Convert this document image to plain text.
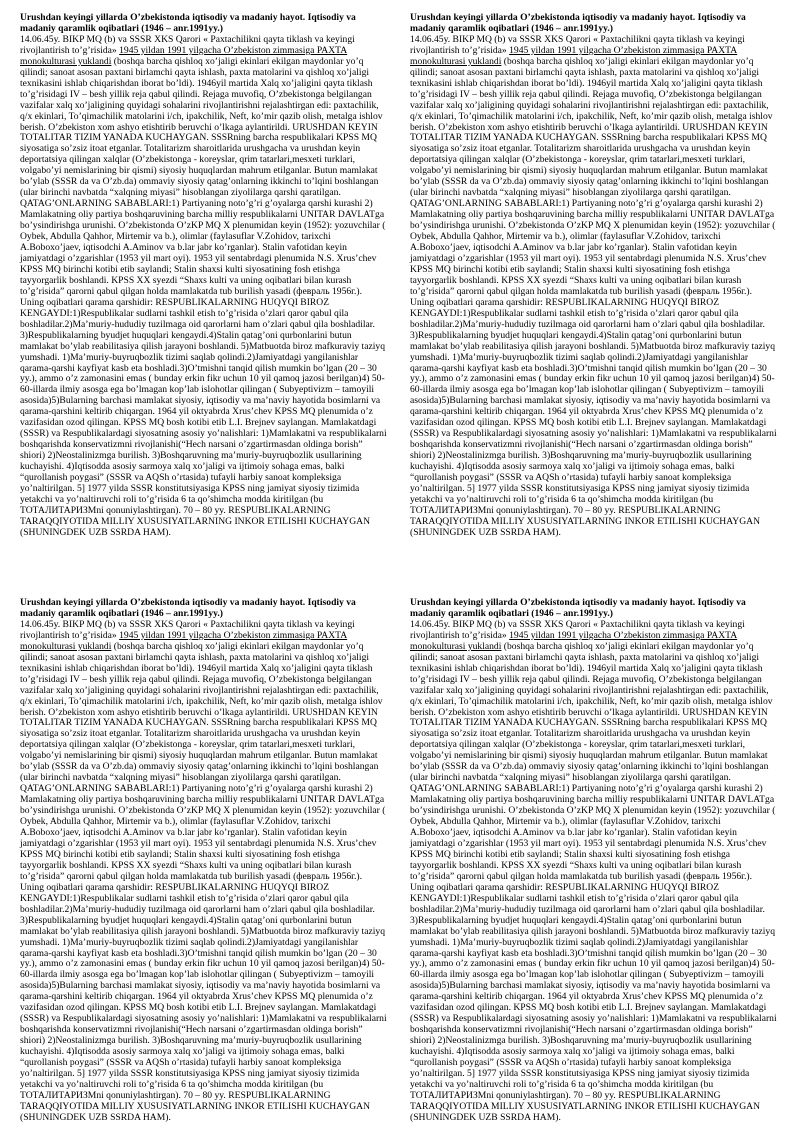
Urushdan keyingi yillarda O’zbekistonda iqtisodiy va madaniy hayot. Iqtisodiy va madaniy qaramlik oqibatlari (1946 – anr.1991yy.)
14.06.45y. BIKP MQ (b) va SSSR XKS Qarori « Paxtachilikni qayta tiklash va keyingi rivojlantirish to’g’risida» 1945 yildan 1991 yilgacha O’zbekiston zimmasiga PAXTA monokulturasi yuklandi (boshqa barcha qishloq xo’jaligi ekinlari ekilgan maydonlar yo’q qilindi; sanoat asosan paxtani birlamchi qayta ishlash, paxta matolarini va qishloq xo’jaligi texnikasini ishlab chiqarishdan iborat bo’ldi). 1946yil martida Xalq xo’jaligini qayta tiklash to’g’risidagi IV – besh yillik reja qabul qilindi. Rejaga muvofiq, O’zbekistonga belgilangan vazifalar xalq xo’jaligining quyidagi sohalarini rivojlantirishni rejalashtirgan edi: paxtachilik, q/x ekinlari, To’qimachilik matolarini i/ch, ipakchilik, Neft, ko’mir qazib olish, metalga ishlov berish. O’zbekiston xom ashyo etishtirib beruvchi o’lkaga aylantirildi. URUSHDAN KEYIN TOTALITAR TIZIM YANADA KUCHAYGAN. SSSRning barcha respublikalari KPSS MQ siyosatiga so’zsiz itoat etganlar. Totalitarizm sharoitlarida urushgacha va urushdan keyin deportatsiya qilingan xalqlar (O’zbekistonga - koreyslar, qrim tatarlari,mesxeti turklari, volgabo’yi nemislarining bir qismi) siyosiy huquqlardan mahrum etilganlar. Butun mamlakat bo’ylab (SSSR da va O’zb.da) ommaviy siyosiy qatag’onlarning ikkinchi to’lqini boshlangan (ular birinchi navbatda “xalqning miyasi” hisoblangan ziyolilarga qarshi qaratilgan. QATAG’ONLARNING SABABLARI:1) Partiyaning noto’g’ri g’oyalarga qarshi kurashi 2) Mamlakatning oliy partiya boshqaruvining barcha milliy respublikalarni UNITAR DAVLATga bo’ysindirishga urunishi. O’zbekistonda O’zKP MQ X plenumidan keyin (1952): yozuvchilar ( Oybek, Abdulla Qahhor, Mirtemir va b.), olimlar (faylasuflar V.Zohidov, tarixchi A.Boboxo’jaev, iqtisodchi A.Aminov va b.lar jabr ko’rganlar). Stalin vafotidan keyin jamiyatdagi o’zgarishlar (1953 yil mart oyi). 1953 yil sentabrdagi plenumida N.S. Xrus’chev KPSS MQ birinchi kotibi etib saylandi; Stalin shaxsi kulti siyosatining fosh etishga tayyorgarlik boshlandi. KPSS XX syezdi “Shaxs kulti va uning oqibatlari bilan kurash to’g’risida” qarorni qabul qilgan holda mamlakatda tub burilish yasadi (февраль 1956г.). Uning oqibatlari qarama qarshidir: RESPUBLIKALARNING HUQYQI BIROZ KENGAYDI:1)Respublikalar sudlarni tashkil etish to’g’risida o’zlari qaror qabul qila boshladilar.2)Ma’muriy-hududiy tuzilmaga oid qarorlarni ham o’zlari qabul qila boshladilar. 3)Respublikalarning byudjet huquqlari kengaydi.4)Stalin qatag’oni qurbonlarini butun mamlakat bo’ylab reabilitasiya qilish jarayoni boshlandi. 5)Matbuotda biroz mafkuraviy taziyq yumshadi. 1)Ma’muriy-buyruqbozlik tizimi saqlab qolindi.2)Jamiyatdagi yangilanishlar qarama-qarshi kayfiyat kasb eta boshladi.3)O’tmishni tanqid qilish mumkin bo’lgan (20 – 30 yy.), ammo o’z zamonasini emas ( bunday erkin fikr uchun 10 yil qamoq jazosi berilgan)4) 50-60-illarda ilmiy asosga ega bo’lmagan kop’lab islohotlar qilingan ( Subyeptivizm – tamoyili asosida)5)Bularning barchasi mamlakat siyosiy, iqtisodiy va ma’naviy hayotida bosimlarni va qarama-qarshini keltirib chiqargan. 1964 yil oktyabrda Xrus’chev KPSS MQ plenumida o’z vazifasidan ozod qilingan. KPSS MQ bosh kotibi etib L.I. Brejnev saylangan. Mamlakatdagi (SSSR) va Respublikalardagi siyosatning asosiy yo’nalishlari: 1)Mamlakatni va respublikalarni boshqarishda konservatizmni rivojlanishi(“Hech narsani o’zgartirmasdan oldinga borish” shiori) 2)Neostalinizmga burilish. 3)Boshqaruvning ma’muriy-buyruqbozlik usullarining kuchayishi. 4)Iqtisodda asosiy sarmoya xalq xo’jaligi va ijtimoiy sohaga emas, balki “qurollanish poygasi” (SSSR va AQSh o’rtasida) tufayli harbiy sanoat kompleksiga yo’naltirilgan. 5] 1977 yilda SSSR konstitutsiyasiga KPSS ning jamiyat siyosiy tizimida yetakchi va yo’naltiruvchi roli to’g’risida 6 ta qo’shimcha modda kiritilgan (bu ТОТАЛИТАРИЗМni qonuniylashtirgan). 70 – 80 yy. RESPUBLIKALARNING TARAQQIYOTIDA MILLIY XUSUSIYATLARNING INKOR ETILISHI KUCHAYGAN (SHUNINGDEK UZB SSRDA HAM).
Urushdan keyingi yillarda O’zbekistonda iqtisodiy va madaniy hayot. Iqtisodiy va madaniy qaramlik oqibatlari (1946 – anr.1991yy.)
14.06.45y. BIKP MQ (b) va SSSR XKS Qarori « Paxtachilikni qayta tiklash va keyingi rivojlantirish to’g’risida» 1945 yildan 1991 yilgacha O’zbekiston zimmasiga PAXTA monokulturasi yuklandi (boshqa barcha qishloq xo’jaligi ekinlari ekilgan maydonlar yo’q qilindi; sanoat asosan paxtani birlamchi qayta ishlash, paxta matolarini va qishloq xo’jaligi texnikasini ishlab chiqarishdan iborat bo’ldi). 1946yil martida Xalq xo’jaligini qayta tiklash to’g’risidagi IV – besh yillik reja qabul qilindi. Rejaga muvofiq, O’zbekistonga belgilangan vazifalar xalq xo’jaligining quyidagi sohalarini rivojlantirishni rejalashtirgan edi: paxtachilik, q/x ekinlari, To’qimachilik matolarini i/ch, ipakchilik, Neft, ko’mir qazib olish, metalga ishlov berish. O’zbekiston xom ashyo etishtirib beruvchi o’lkaga aylantirildi. URUSHDAN KEYIN TOTALITAR TIZIM YANADA KUCHAYGAN. SSSRning barcha respublikalari KPSS MQ siyosatiga so’zsiz itoat etganlar. Totalitarizm sharoitlarida urushgacha va urushdan keyin deportatsiya qilingan xalqlar (O’zbekistonga - koreyslar, qrim tatarlari,mesxeti turklari, volgabo’yi nemislarining bir qismi) siyosiy huquqlardan mahrum etilganlar. Butun mamlakat bo’ylab (SSSR da va O’zb.da) ommaviy siyosiy qatag’onlarning ikkinchi to’lqini boshlangan (ular birinchi navbatda “xalqning miyasi” hisoblangan ziyolilarga qarshi qaratilgan. QATAG’ONLARNING SABABLARI:1) Partiyaning noto’g’ri g’oyalarga qarshi kurashi 2) Mamlakatning oliy partiya boshqaruvining barcha milliy respublikalarni UNITAR DAVLATga bo’ysindirishga urunishi. O’zbekistonda O’zKP MQ X plenumidan keyin (1952): yozuvchilar ( Oybek, Abdulla Qahhor, Mirtemir va b.), olimlar (faylasuflar V.Zohidov, tarixchi A.Boboxo’jaev, iqtisodchi A.Aminov va b.lar jabr ko’rganlar). Stalin vafotidan keyin jamiyatdagi o’zgarishlar (1953 yil mart oyi). 1953 yil sentabrdagi plenumida N.S. Xrus’chev KPSS MQ birinchi kotibi etib saylandi; Stalin shaxsi kulti siyosatining fosh etishga tayyorgarlik boshlandi. KPSS XX syezdi “Shaxs kulti va uning oqibatlari bilan kurash to’g’risida” qarorni qabul qilgan holda mamlakatda tub burilish yasadi (февраль 1956г.). Uning oqibatlari qarama qarshidir: RESPUBLIKALARNING HUQYQI BIROZ KENGAYDI:1)Respublikalar sudlarni tashkil etish to’g’risida o’zlari qaror qabul qila boshladilar.2)Ma’muriy-hududiy tuzilmaga oid qarorlarni ham o’zlari qabul qila boshladilar. 3)Respublikalarning byudjet huquqlari kengaydi.4)Stalin qatag’oni qurbonlarini butun mamlakat bo’ylab reabilitasiya qilish jarayoni boshlandi. 5)Matbuotda biroz mafkuraviy taziyq yumshadi. 1)Ma’muriy-buyruqbozlik tizimi saqlab qolindi.2)Jamiyatdagi yangilanishlar qarama-qarshi kayfiyat kasb eta boshladi.3)O’tmishni tanqid qilish mumkin bo’lgan (20 – 30 yy.), ammo o’z zamonasini emas ( bunday erkin fikr uchun 10 yil qamoq jazosi berilgan)4) 50-60-illarda ilmiy asosga ega bo’lmagan kop’lab islohotlar qilingan ( Subyeptivizm – tamoyili asosida)5)Bularning barchasi mamlakat siyosiy, iqtisodiy va ma’naviy hayotida bosimlarni va qarama-qarshini keltirib chiqargan. 1964 yil oktyabrda Xrus’chev KPSS MQ plenumida o’z vazifasidan ozod qilingan. KPSS MQ bosh kotibi etib L.I. Brejnev saylangan. Mamlakatdagi (SSSR) va Respublikalardagi siyosatning asosiy yo’nalishlari: 1)Mamlakatni va respublikalarni boshqarishda konservatizmni rivojlanishi(“Hech narsani o’zgartirmasdan oldinga borish” shiori) 2)Neostalinizmga burilish. 3)Boshqaruvning ma’muriy-buyruqbozlik usullarining kuchayishi. 4)Iqtisodda asosiy sarmoya xalq xo’jaligi va ijtimoiy sohaga emas, balki “qurollanish poygasi” (SSSR va AQSh o’rtasida) tufayli harbiy sanoat kompleksiga yo’naltirilgan. 5] 1977 yilda SSSR konstitutsiyasiga KPSS ning jamiyat siyosiy tizimida yetakchi va yo’naltiruvchi roli to’g’risida 6 ta qo’shimcha modda kiritilgan (bu ТОТАЛИТАРИЗМni qonuniylashtirgan). 70 – 80 yy. RESPUBLIKALARNING TARAQQIYOTIDA MILLIY XUSUSIYATLARNING INKOR ETILISHI KUCHAYGAN (SHUNINGDEK UZB SSRDA HAM).
Urushdan keyingi yillarda O’zbekistonda iqtisodiy va madaniy hayot. Iqtisodiy va madaniy qaramlik oqibatlari (1946 – anr.1991yy.)
14.06.45y. BIKP MQ (b) va SSSR XKS Qarori « Paxtachilikni qayta tiklash va keyingi rivojlantirish to’g’risida» 1945 yildan 1991 yilgacha O’zbekiston zimmasiga PAXTA monokulturasi yuklandi (boshqa barcha qishloq xo’jaligi ekinlari ekilgan maydonlar yo’q qilindi; sanoat asosan paxtani birlamchi qayta ishlash, paxta matolarini va qishloq xo’jaligi texnikasini ishlab chiqarishdan iborat bo’ldi). 1946yil martida Xalq xo’jaligini qayta tiklash to’g’risidagi IV – besh yillik reja qabul qilindi. Rejaga muvofiq, O’zbekistonga belgilangan vazifalar xalq xo’jaligining quyidagi sohalarini rivojlantirishni rejalashtirgan edi: paxtachilik, q/x ekinlari, To’qimachilik matolarini i/ch, ipakchilik, Neft, ko’mir qazib olish, metalga ishlov berish. O’zbekiston xom ashyo etishtirib beruvchi o’lkaga aylantirildi. URUSHDAN KEYIN TOTALITAR TIZIM YANADA KUCHAYGAN. SSSRning barcha respublikalari KPSS MQ siyosatiga so’zsiz itoat etganlar. Totalitarizm sharoitlarida urushgacha va urushdan keyin deportatsiya qilingan xalqlar (O’zbekistonga - koreyslar, qrim tatarlari,mesxeti turklari, volgabo’yi nemislarining bir qismi) siyosiy huquqlardan mahrum etilganlar. Butun mamlakat bo’ylab (SSSR da va O’zb.da) ommaviy siyosiy qatag’onlarning ikkinchi to’lqini boshlangan (ular birinchi navbatda “xalqning miyasi” hisoblangan ziyolilarga qarshi qaratilgan. QATAG’ONLARNING SABABLARI:1) Partiyaning noto’g’ri g’oyalarga qarshi kurashi 2) Mamlakatning oliy partiya boshqaruvining barcha milliy respublikalarni UNITAR DAVLATga bo’ysindirishga urunishi. O’zbekistonda O’zKP MQ X plenumidan keyin (1952): yozuvchilar ( Oybek, Abdulla Qahhor, Mirtemir va b.), olimlar (faylasuflar V.Zohidov, tarixchi A.Boboxo’jaev, iqtisodchi A.Aminov va b.lar jabr ko’rganlar). Stalin vafotidan keyin jamiyatdagi o’zgarishlar (1953 yil mart oyi). 1953 yil sentabrdagi plenumida N.S. Xrus’chev KPSS MQ birinchi kotibi etib saylandi; Stalin shaxsi kulti siyosatining fosh etishga tayyorgarlik boshlandi. KPSS XX syezdi “Shaxs kulti va uning oqibatlari bilan kurash to’g’risida” qarorni qabul qilgan holda mamlakatda tub burilish yasadi (февраль 1956г.). Uning oqibatlari qarama qarshidir: RESPUBLIKALARNING HUQYQI BIROZ KENGAYDI:1)Respublikalar sudlarni tashkil etish to’g’risida o’zlari qaror qabul qila boshladilar.2)Ma’muriy-hududiy tuzilmaga oid qarorlarni ham o’zlari qabul qila boshladilar. 3)Respublikalarning byudjet huquqlari kengaydi.4)Stalin qatag’oni qurbonlarini butun mamlakat bo’ylab reabilitasiya qilish jarayoni boshlandi. 5)Matbuotda biroz mafkuraviy taziyq yumshadi. 1)Ma’muriy-buyruqbozlik tizimi saqlab qolindi.2)Jamiyatdagi yangilanishlar qarama-qarshi kayfiyat kasb eta boshladi.3)O’tmishni tanqid qilish mumkin bo’lgan (20 – 30 yy.), ammo o’z zamonasini emas ( bunday erkin fikr uchun 10 yil qamoq jazosi berilgan)4) 50-60-illarda ilmiy asosga ega bo’lmagan kop’lab islohotlar qilingan ( Subyeptivizm – tamoyili asosida)5)Bularning barchasi mamlakat siyosiy, iqtisodiy va ma’naviy hayotida bosimlarni va qarama-qarshini keltirib chiqargan. 1964 yil oktyabrda Xrus’chev KPSS MQ plenumida o’z vazifasidan ozod qilingan. KPSS MQ bosh kotibi etib L.I. Brejnev saylangan. Mamlakatdagi (SSSR) va Respublikalardagi siyosatning asosiy yo’nalishlari: 1)Mamlakatni va respublikalarni boshqarishda konservatizmni rivojlanishi(“Hech narsani o’zgartirmasdan oldinga borish” shiori) 2)Neostalinizmga burilish. 3)Boshqaruvning ma’muriy-buyruqbozlik usullarining kuchayishi. 4)Iqtisodda asosiy sarmoya xalq xo’jaligi va ijtimoiy sohaga emas, balki “qurollanish poygasi” (SSSR va AQSh o’rtasida) tufayli harbiy sanoat kompleksiga yo’naltirilgan. 5] 1977 yilda SSSR konstitutsiyasiga KPSS ning jamiyat siyosiy tizimida yetakchi va yo’naltiruvchi roli to’g’risida 6 ta qo’shimcha modda kiritilgan (bu ТОТАЛИТАРИЗМni qonuniylashtirgan). 70 – 80 yy. RESPUBLIKALARNING TARAQQIYOTIDA MILLIY XUSUSIYATLARNING INKOR ETILISHI KUCHAYGAN (SHUNINGDEK UZB SSRDA HAM).
Urushdan keyingi yillarda O’zbekistonda iqtisodiy va madaniy hayot. Iqtisodiy va madaniy qaramlik oqibatlari (1946 – anr.1991yy.)
14.06.45y. BIKP MQ (b) va SSSR XKS Qarori « Paxtachilikni qayta tiklash va keyingi rivojlantirish to’g’risida» 1945 yildan 1991 yilgacha O’zbekiston zimmasiga PAXTA monokulturasi yuklandi (boshqa barcha qishloq xo’jaligi ekinlari ekilgan maydonlar yo’q qilindi; sanoat asosan paxtani birlamchi qayta ishlash, paxta matolarini va qishloq xo’jaligi texnikasini ishlab chiqarishdan iborat bo’ldi). 1946yil martida Xalq xo’jaligini qayta tiklash to’g’risidagi IV – besh yillik reja qabul qilindi. Rejaga muvofiq, O’zbekistonga belgilangan vazifalar xalq xo’jaligining quyidagi sohalarini rivojlantirishni rejalashtirgan edi: paxtachilik, q/x ekinlari, To’qimachilik matolarini i/ch, ipakchilik, Neft, ko’mir qazib olish, metalga ishlov berish. O’zbekiston xom ashyo etishtirib beruvchi o’lkaga aylantirildi. URUSHDAN KEYIN TOTALITAR TIZIM YANADA KUCHAYGAN. SSSRning barcha respublikalari KPSS MQ siyosatiga so’zsiz itoat etganlar. Totalitarizm sharoitlarida urushgacha va urushdan keyin deportatsiya qilingan xalqlar (O’zbekistonga - koreyslar, qrim tatarlari,mesxeti turklari, volgabo’yi nemislarining bir qismi) siyosiy huquqlardan mahrum etilganlar. Butun mamlakat bo’ylab (SSSR da va O’zb.da) ommaviy siyosiy qatag’onlarning ikkinchi to’lqini boshlangan (ular birinchi navbatda “xalqning miyasi” hisoblangan ziyolilarga qarshi qaratilgan. QATAG’ONLARNING SABABLARI:1) Partiyaning noto’g’ri g’oyalarga qarshi kurashi 2) Mamlakatning oliy partiya boshqaruvining barcha milliy respublikalarni UNITAR DAVLATga bo’ysindirishga urunishi. O’zbekistonda O’zKP MQ X plenumidan keyin (1952): yozuvchilar ( Oybek, Abdulla Qahhor, Mirtemir va b.), olimlar (faylasuflar V.Zohidov, tarixchi A.Boboxo’jaev, iqtisodchi A.Aminov va b.lar jabr ko’rganlar). Stalin vafotidan keyin jamiyatdagi o’zgarishlar (1953 yil mart oyi). 1953 yil sentabrdagi plenumida N.S. Xrus’chev KPSS MQ birinchi kotibi etib saylandi; Stalin shaxsi kulti siyosatining fosh etishga tayyorgarlik boshlandi. KPSS XX syezdi “Shaxs kulti va uning oqibatlari bilan kurash to’g’risida” qarorni qabul qilgan holda mamlakatda tub burilish yasadi (февраль 1956г.). Uning oqibatlari qarama qarshidir: RESPUBLIKALARNING HUQYQI BIROZ KENGAYDI:1)Respublikalar sudlarni tashkil etish to’g’risida o’zlari qaror qabul qila boshladilar.2)Ma’muriy-hududiy tuzilmaga oid qarorlarni ham o’zlari qabul qila boshladilar. 3)Respublikalarning byudjet huquqlari kengaydi.4)Stalin qatag’oni qurbonlarini butun mamlakat bo’ylab reabilitasiya qilish jarayoni boshlandi. 5)Matbuotda biroz mafkuraviy taziyq yumshadi. 1)Ma’muriy-buyruqbozlik tizimi saqlab qolindi.2)Jamiyatdagi yangilanishlar qarama-qarshi kayfiyat kasb eta boshladi.3)O’tmishni tanqid qilish mumkin bo’lgan (20 – 30 yy.), ammo o’z zamonasini emas ( bunday erkin fikr uchun 10 yil qamoq jazosi berilgan)4) 50-60-illarda ilmiy asosga ega bo’lmagan kop’lab islohotlar qilingan ( Subyeptivizm – tamoyili asosida)5)Bularning barchasi mamlakat siyosiy, iqtisodiy va ma’naviy hayotida bosimlarni va qarama-qarshini keltirib chiqargan. 1964 yil oktyabrda Xrus’chev KPSS MQ plenumida o’z vazifasidan ozod qilingan. KPSS MQ bosh kotibi etib L.I. Brejnev saylangan. Mamlakatdagi (SSSR) va Respublikalardagi siyosatning asosiy yo’nalishlari: 1)Mamlakatni va respublikalarni boshqarishda konservatizmni rivojlanishi(“Hech narsani o’zgartirmasdan oldinga borish” shiori) 2)Neostalinizmga burilish. 3)Boshqaruvning ma’muriy-buyruqbozlik usullarining kuchayishi. 4)Iqtisodda asosiy sarmoya xalq xo’jaligi va ijtimoiy sohaga emas, balki “qurollanish poygasi” (SSSR va AQSh o’rtasida) tufayli harbiy sanoat kompleksiga yo’naltirilgan. 5] 1977 yilda SSSR konstitutsiyasiga KPSS ning jamiyat siyosiy tizimida yetakchi va yo’naltiruvchi roli to’g’risida 6 ta qo’shimcha modda kiritilgan (bu ТОТАЛИТАРИЗМni qonuniylashtirgan). 70 – 80 yy. RESPUBLIKALARNING TARAQQIYOTIDA MILLIY XUSUSIYATLARNING INKOR ETILISHI KUCHAYGAN (SHUNINGDEK UZB SSRDA HAM).
